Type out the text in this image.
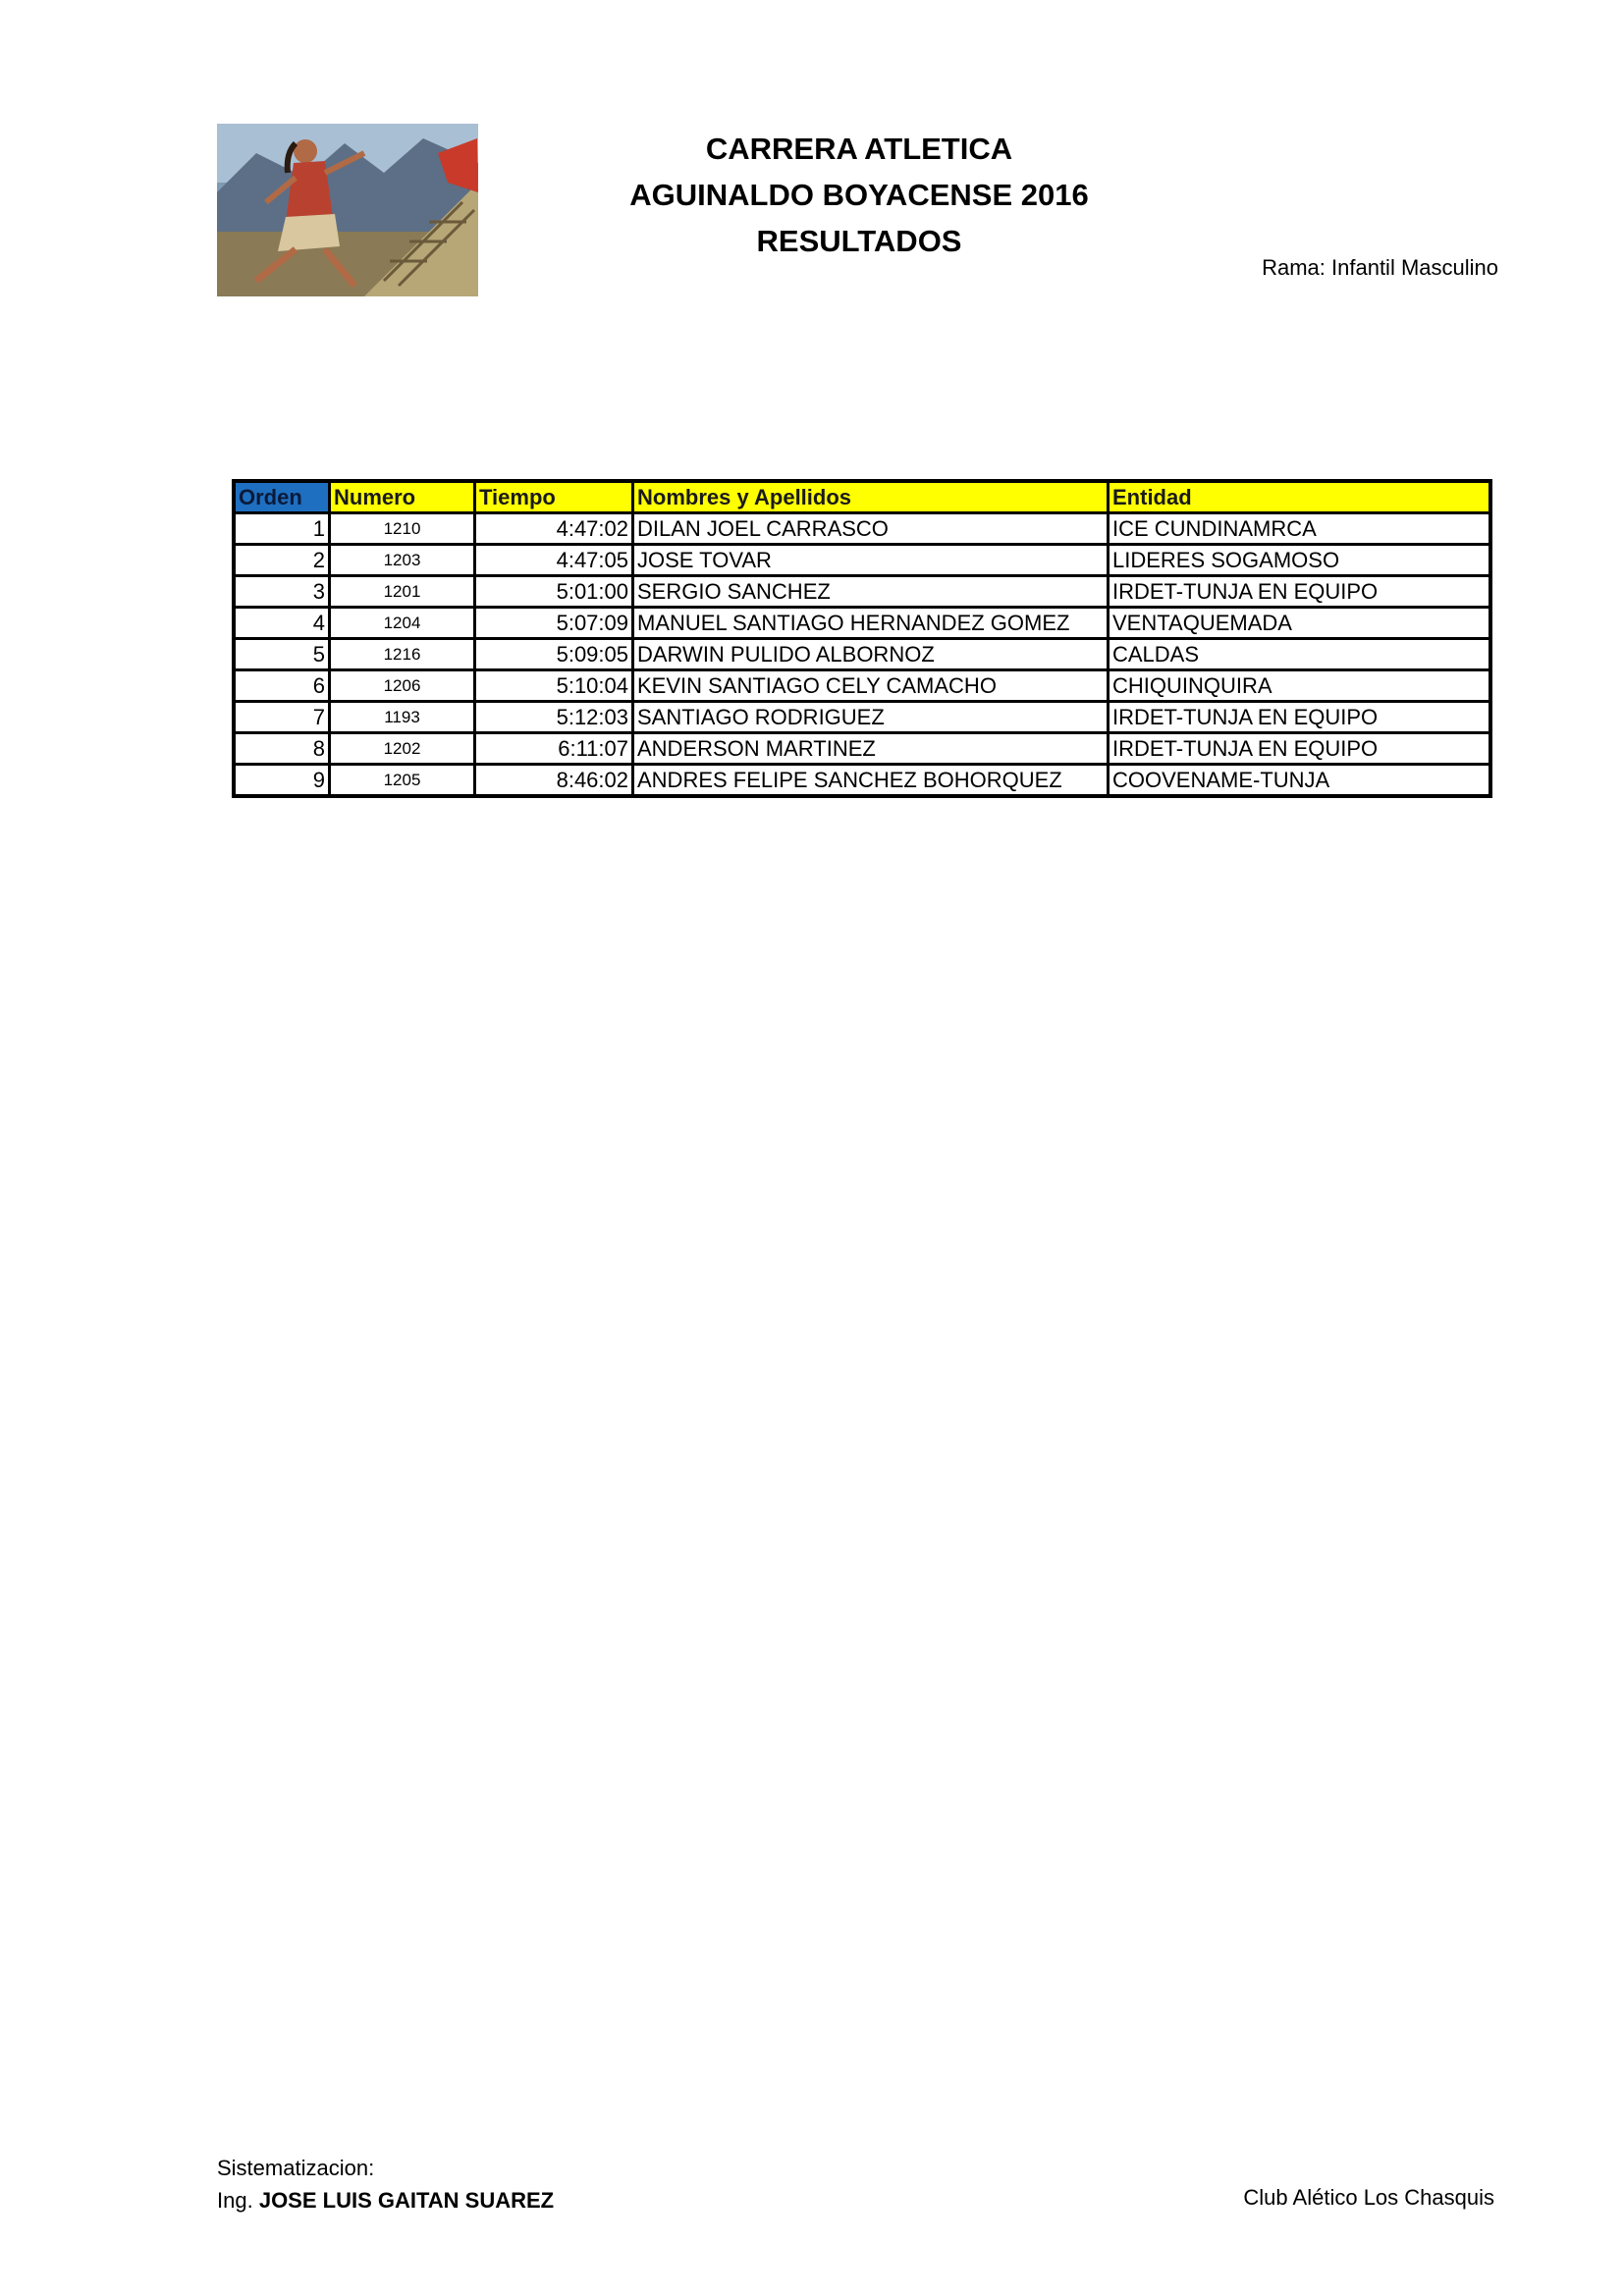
CARRERA ATLETICA
AGUINALDO BOYACENSE 2016
RESULTADOS
Rama: Infantil Masculino
Orden	Numero	Tiempo	Nombres y Apellidos	Entidad
1	1210	4:47:02	DILAN JOEL CARRASCO	ICE CUNDINAMRCA
2	1203	4:47:05	JOSE TOVAR	LIDERES SOGAMOSO
3	1201	5:01:00	SERGIO SANCHEZ	IRDET-TUNJA EN EQUIPO
4	1204	5:07:09	MANUEL SANTIAGO HERNANDEZ GOMEZ	VENTAQUEMADA
5	1216	5:09:05	DARWIN PULIDO ALBORNOZ	CALDAS
6	1206	5:10:04	KEVIN SANTIAGO CELY CAMACHO	CHIQUINQUIRA
7	1193	5:12:03	SANTIAGO RODRIGUEZ	IRDET-TUNJA EN EQUIPO
8	1202	6:11:07	ANDERSON MARTINEZ	IRDET-TUNJA EN EQUIPO
9	1205	8:46:02	ANDRES FELIPE SANCHEZ BOHORQUEZ	COOVENAME-TUNJA
Sistematizacion:
Ing. JOSE LUIS GAITAN SUAREZ	Club Alético Los Chasquis
